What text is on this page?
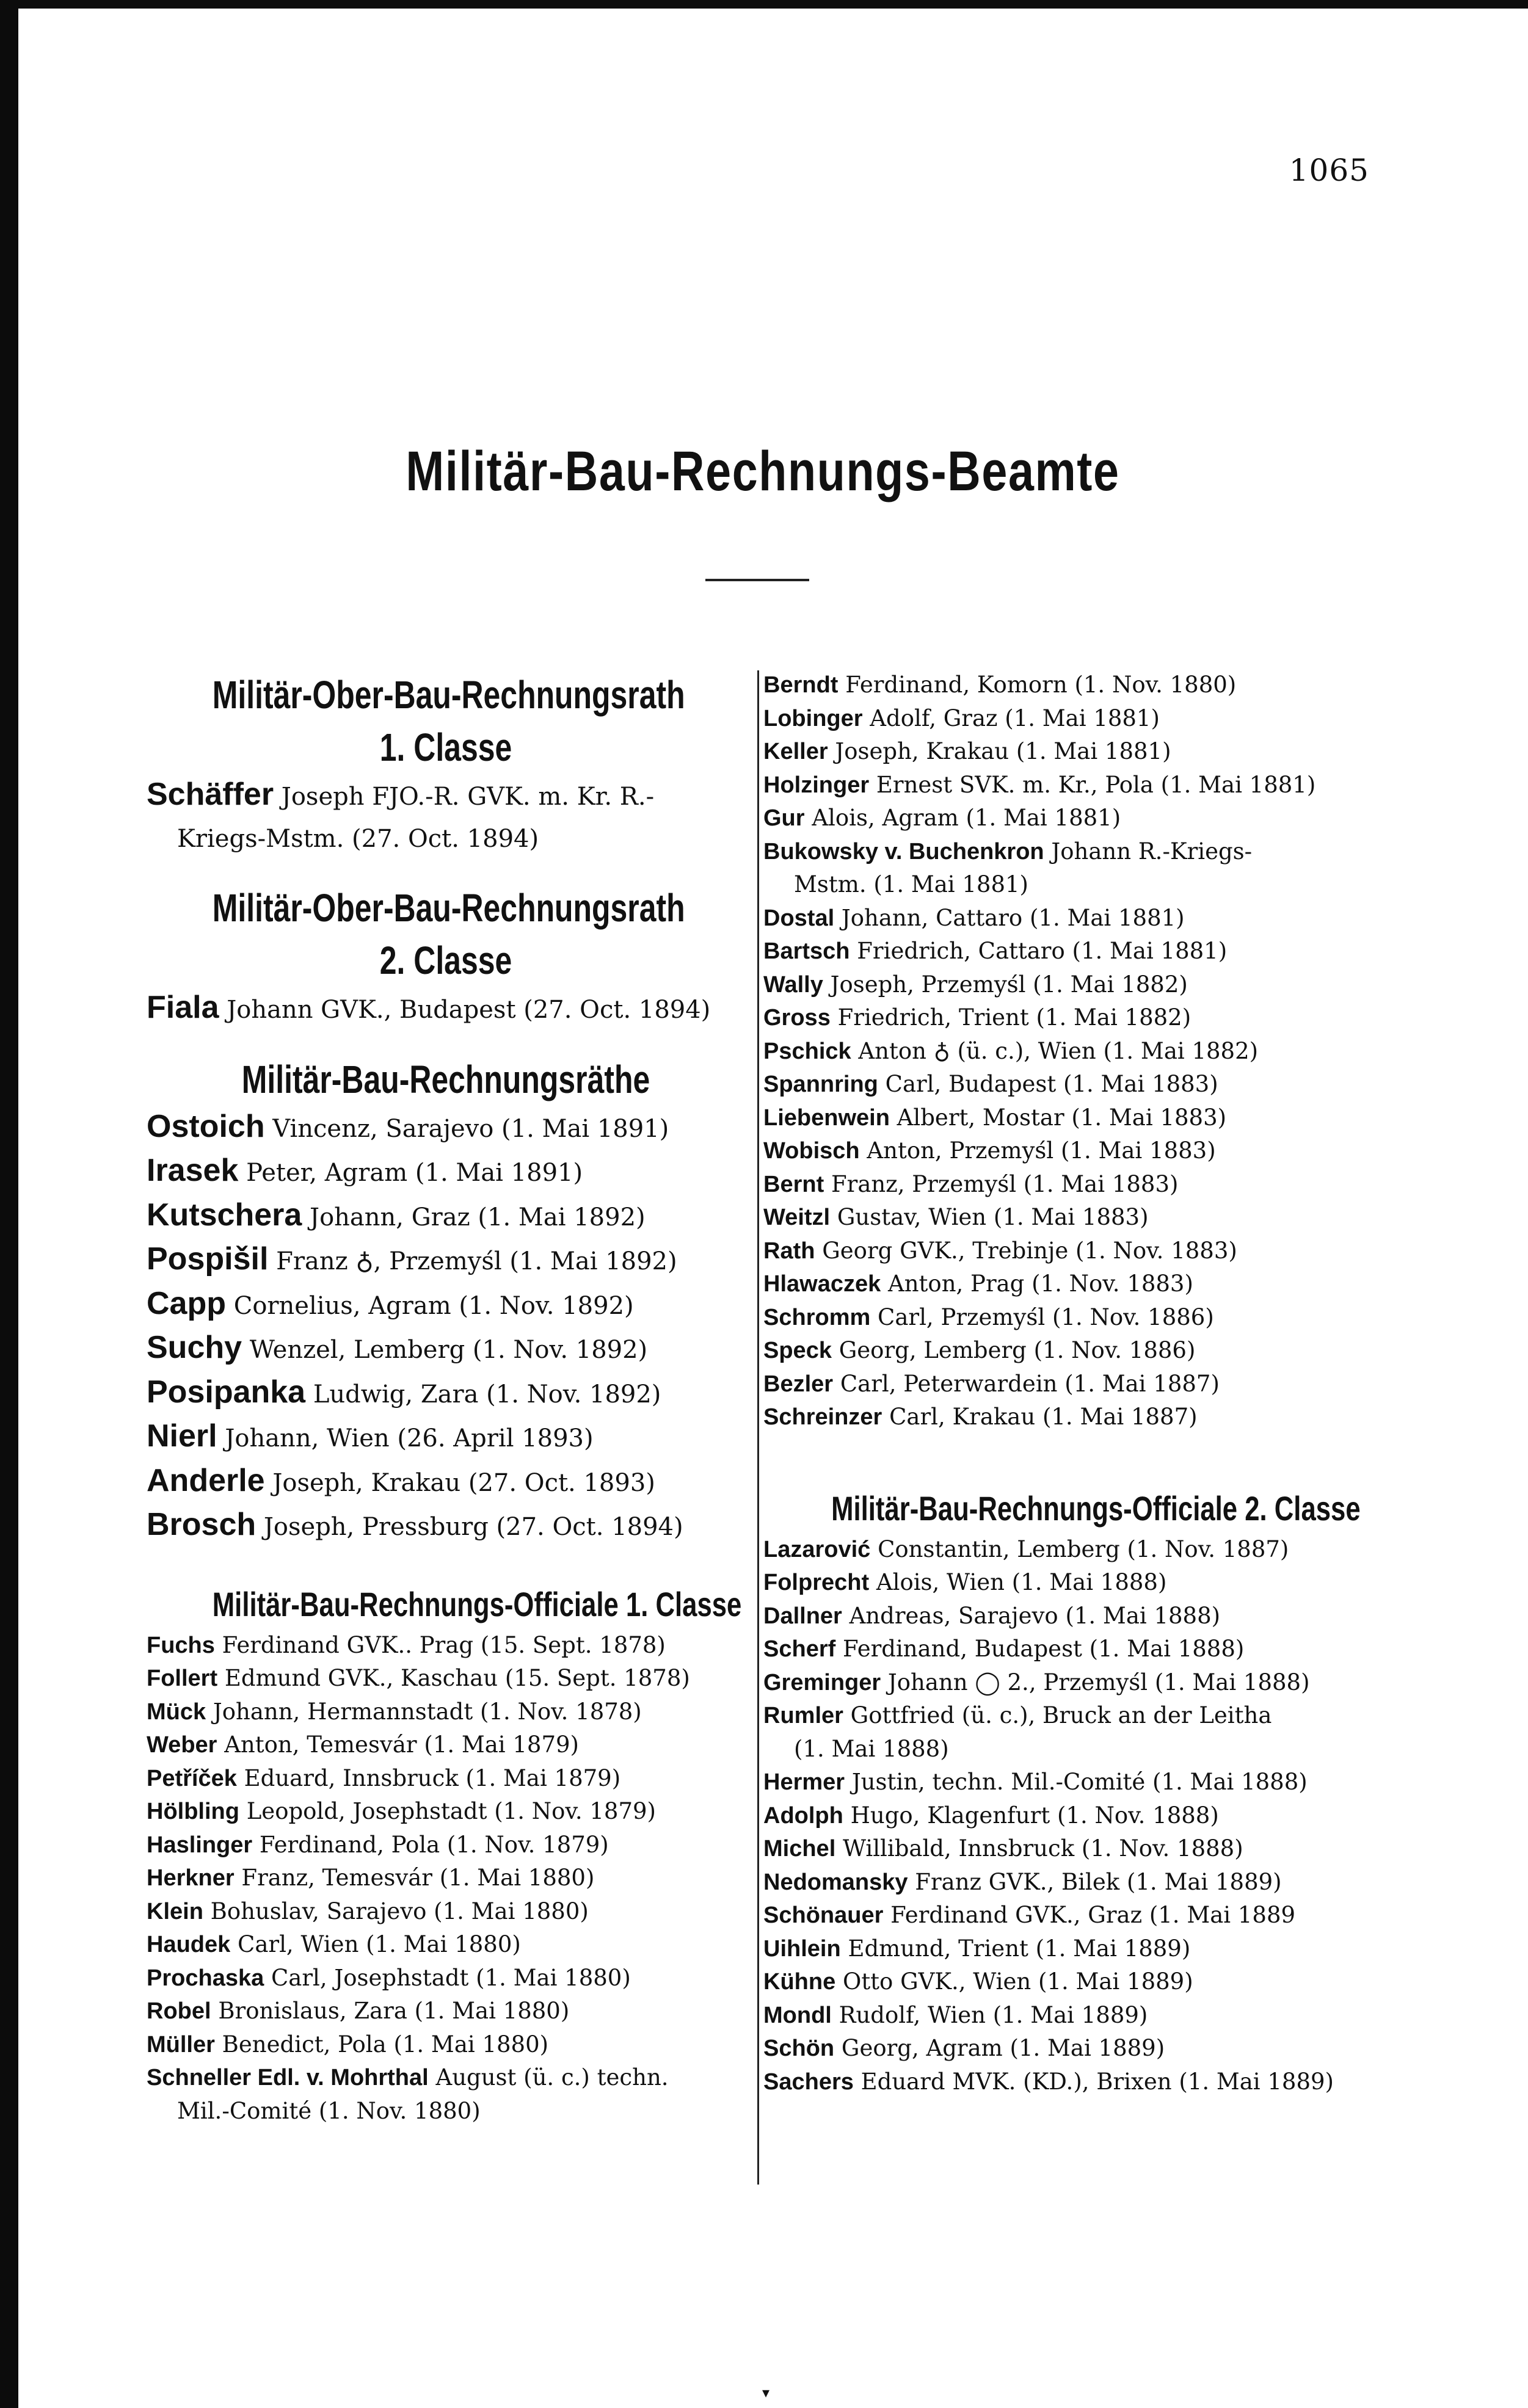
1065
Militär-Bau-Rechnungs-Beamte
Militär-Ober-Bau-Rechnungsrath
1. Classe
Schäffer Joseph FJO.-R. GVK. m. Kr. R.-
Kriegs-Mstm. (27. Oct. 1894)
Militär-Ober-Bau-Rechnungsrath
2. Classe
Fiala Johann GVK., Budapest (27. Oct. 1894)
Militär-Bau-Rechnungsräthe
Ostoich Vincenz, Sarajevo (1. Mai 1891)
Irasek Peter, Agram (1. Mai 1891)
Kutschera Johann, Graz (1. Mai 1892)
Pospišil Franz ♁, Przemyśl (1. Mai 1892)
Capp Cornelius, Agram (1. Nov. 1892)
Suchy Wenzel, Lemberg (1. Nov. 1892)
Posipanka Ludwig, Zara (1. Nov. 1892)
Nierl Johann, Wien (26. April 1893)
Anderle Joseph, Krakau (27. Oct. 1893)
Brosch Joseph, Pressburg (27. Oct. 1894)
Militär-Bau-Rechnungs-Officiale 1. Classe
Fuchs Ferdinand GVK.. Prag (15. Sept. 1878)
Follert Edmund GVK., Kaschau (15. Sept. 1878)
Mück Johann, Hermannstadt (1. Nov. 1878)
Weber Anton, Temesvár (1. Mai 1879)
Petříček Eduard, Innsbruck (1. Mai 1879)
Hölbling Leopold, Josephstadt (1. Nov. 1879)
Haslinger Ferdinand, Pola (1. Nov. 1879)
Herkner Franz, Temesvár (1. Mai 1880)
Klein Bohuslav, Sarajevo (1. Mai 1880)
Haudek Carl, Wien (1. Mai 1880)
Prochaska Carl, Josephstadt (1. Mai 1880)
Robel Bronislaus, Zara (1. Mai 1880)
Müller Benedict, Pola (1. Mai 1880)
Schneller Edl. v. Mohrthal August (ü. c.) techn.
Mil.-Comité (1. Nov. 1880)
Berndt Ferdinand, Komorn (1. Nov. 1880)
Lobinger Adolf, Graz (1. Mai 1881)
Keller Joseph, Krakau (1. Mai 1881)
Holzinger Ernest SVK. m. Kr., Pola (1. Mai 1881)
Gur Alois, Agram (1. Mai 1881)
Bukowsky v. Buchenkron Johann R.-Kriegs-
Mstm. (1. Mai 1881)
Dostal Johann, Cattaro (1. Mai 1881)
Bartsch Friedrich, Cattaro (1. Mai 1881)
Wally Joseph, Przemyśl (1. Mai 1882)
Gross Friedrich, Trient (1. Mai 1882)
Pschick Anton ♁ (ü. c.), Wien (1. Mai 1882)
Spannring Carl, Budapest (1. Mai 1883)
Liebenwein Albert, Mostar (1. Mai 1883)
Wobisch Anton, Przemyśl (1. Mai 1883)
Bernt Franz, Przemyśl (1. Mai 1883)
Weitzl Gustav, Wien (1. Mai 1883)
Rath Georg GVK., Trebinje (1. Nov. 1883)
Hlawaczek Anton, Prag (1. Nov. 1883)
Schromm Carl, Przemyśl (1. Nov. 1886)
Speck Georg, Lemberg (1. Nov. 1886)
Bezler Carl, Peterwardein (1. Mai 1887)
Schreinzer Carl, Krakau (1. Mai 1887)
Militär-Bau-Rechnungs-Officiale 2. Classe
Lazarović Constantin, Lemberg (1. Nov. 1887)
Folprecht Alois, Wien (1. Mai 1888)
Dallner Andreas, Sarajevo (1. Mai 1888)
Scherf Ferdinand, Budapest (1. Mai 1888)
Greminger Johann ◯ 2., Przemyśl (1. Mai 1888)
Rumler Gottfried (ü. c.), Bruck an der Leitha
(1. Mai 1888)
Hermer Justin, techn. Mil.-Comité (1. Mai 1888)
Adolph Hugo, Klagenfurt (1. Nov. 1888)
Michel Willibald, Innsbruck (1. Nov. 1888)
Nedomansky Franz GVK., Bilek (1. Mai 1889)
Schönauer Ferdinand GVK., Graz (1. Mai 1889
Uihlein Edmund, Trient (1. Mai 1889)
Kühne Otto GVK., Wien (1. Mai 1889)
Mondl Rudolf, Wien (1. Mai 1889)
Schön Georg, Agram (1. Mai 1889)
Sachers Eduard MVK. (KD.), Brixen (1. Mai 1889)
▾
